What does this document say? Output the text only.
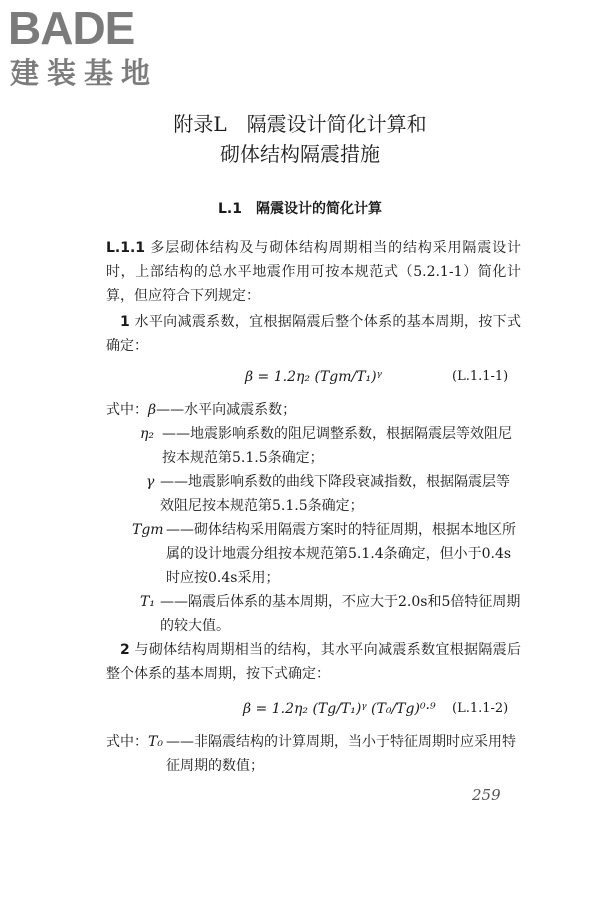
BADE
建装基地
附录L　隔震设计简化计算和
砌体结构隔震措施
L.1　隔震设计的简化计算

L.1.1 多层砌体结构及与砌体结构周期相当的结构采用隔震设计时，上部结构的总水平地震作用可按本规范式（5.2.1-1）简化计算，但应符合下列规定：

1 水平向减震系数，宜根据隔震后整个体系的基本周期，按下式确定：

β = 1.2η₂ (Tgm/T₁)ᵞ	(L.1.1-1)
式中：β——水平向减震系数；
η₂ ——地震影响系数的阻尼调整系数，根据隔震层等效阻尼按本规范第5.1.5条确定；

γ ——地震影响系数的曲线下降段衰减指数，根据隔震层等效阻尼按本规范第5.1.5条确定；

Tgm ——砌体结构采用隔震方案时的特征周期，根据本地区所属的设计地震分组按本规范第5.1.4条确定，但小于0.4s时应按0.4s采用；

T₁ ——隔震后体系的基本周期，不应大于2.0s和5倍特征周期的较大值。

2 与砌体结构周期相当的结构，其水平向减震系数宜根据隔震后整个体系的基本周期，按下式确定：

β = 1.2η₂ (Tg/T₁)ᵞ (T₀/Tg)⁰·⁹ (L.1.1-2)
式中：T₀ ——非隔震结构的计算周期，当小于特征周期时应采用特征周期的数值；

259
